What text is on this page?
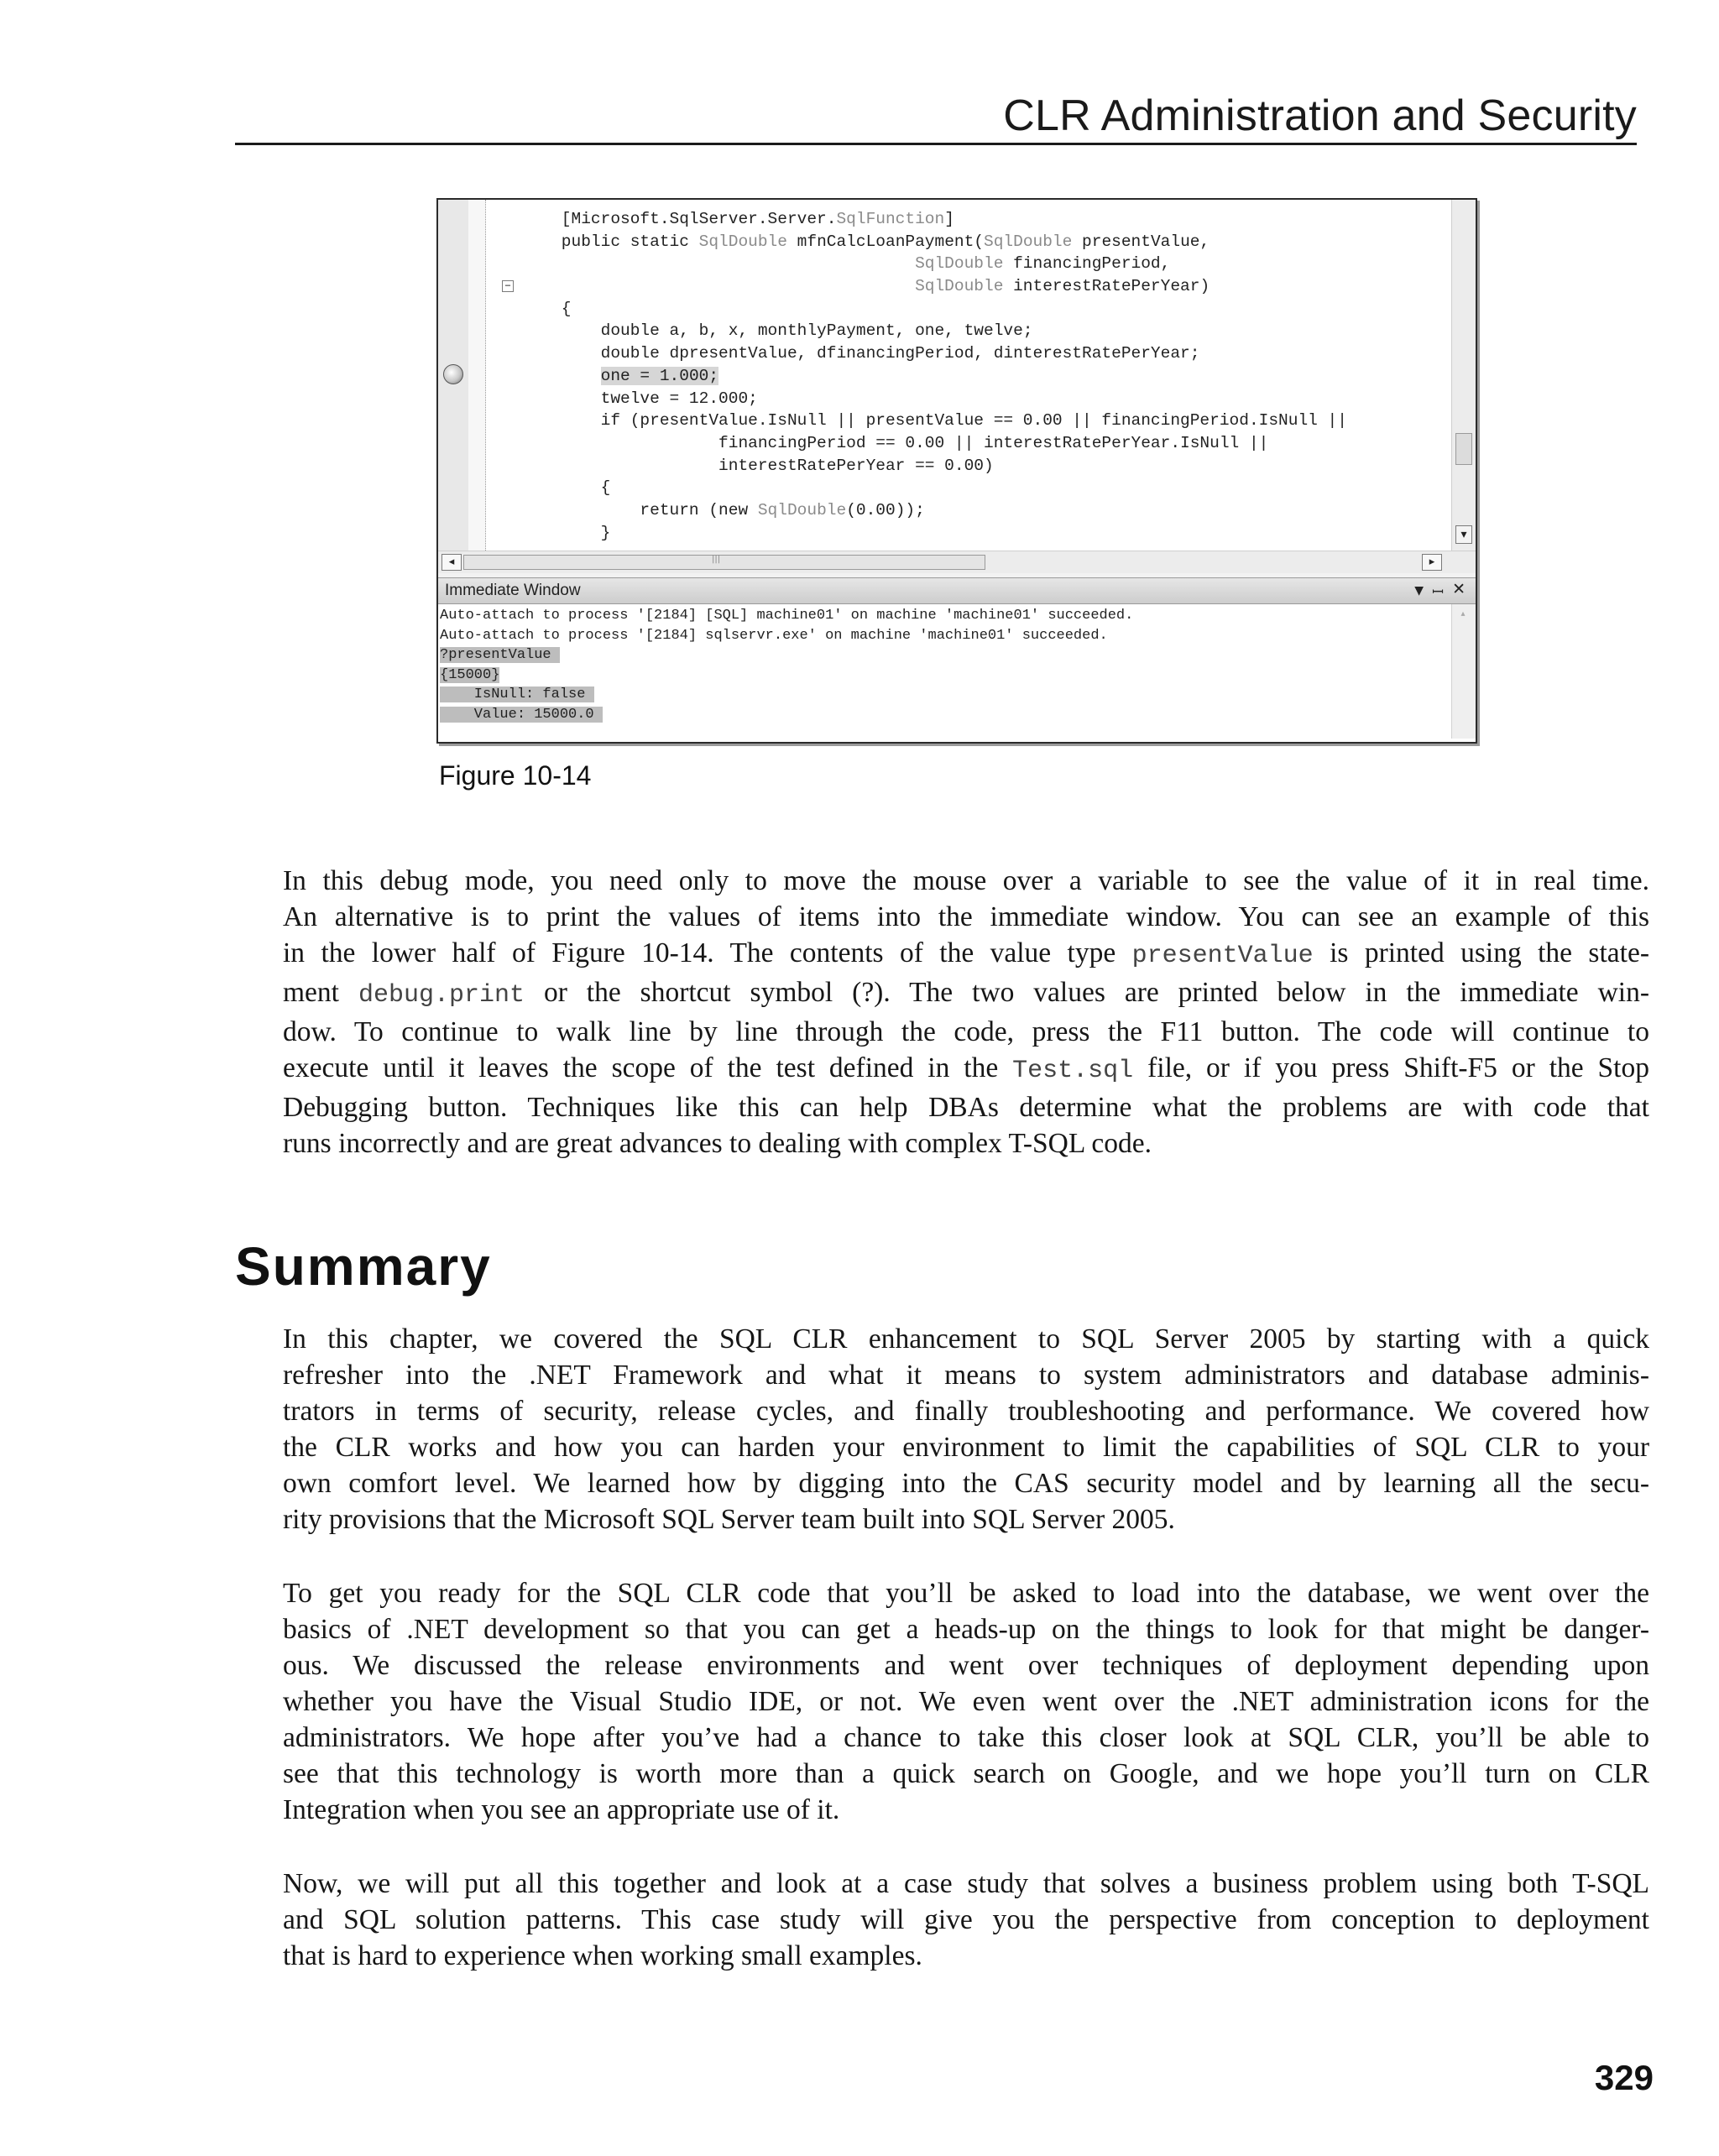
CLR Administration and Security
−
[Microsoft.SqlServer.Server.SqlFunction]
public static SqlDouble mfnCalcLoanPayment(SqlDouble presentValue,
SqlDouble financingPeriod,
SqlDouble interestRatePerYear)
{
double a, b, x, monthlyPayment, one, twelve;
double dpresentValue, dfinancingPeriod, dinterestRatePerYear;
one = 1.000;
twelve = 12.000;
if (presentValue.IsNull || presentValue == 0.00 || financingPeriod.IsNull ||
financingPeriod == 0.00 || interestRatePerYear.IsNull ||
interestRatePerYear == 0.00)
{
return (new SqlDouble(0.00));
}	▾
◂	|||	▸
Immediate Window	▼ ꟷ ✕
Auto-attach to process '[2184] [SQL] machine01' on machine 'machine01' succeeded.
Auto-attach to process '[2184] sqlservr.exe' on machine 'machine01' succeeded.
?presentValue
{15000}
IsNull: false
Value: 15000.0
▴
Figure 10-14

In this debug mode, you need only to move the mouse over a variable to see the value of it in real time.
An alternative is to print the values of items into the immediate window. You can see an example of this
in the lower half of Figure 10-14. The contents of the value type presentValue is printed using the state-
ment debug.print or the shortcut symbol (?). The two values are printed below in the immediate win-
dow. To continue to walk line by line through the code, press the F11 button. The code will continue to
execute until it leaves the scope of the test defined in the Test.sql file, or if you press Shift-F5 or the Stop
Debugging button. Techniques like this can help DBAs determine what the problems are with code that
runs incorrectly and are great advances to dealing with complex T-SQL code.

Summary

In this chapter, we covered the SQL CLR enhancement to SQL Server 2005 by starting with a quick
refresher into the .NET Framework and what it means to system administrators and database adminis-
trators in terms of security, release cycles, and finally troubleshooting and performance. We covered how
the CLR works and how you can harden your environment to limit the capabilities of SQL CLR to your
own comfort level. We learned how by digging into the CAS security model and by learning all the secu-
rity provisions that the Microsoft SQL Server team built into SQL Server 2005.

To get you ready for the SQL CLR code that you’ll be asked to load into the database, we went over the
basics of .NET development so that you can get a heads-up on the things to look for that might be danger-
ous. We discussed the release environments and went over techniques of deployment depending upon
whether you have the Visual Studio IDE, or not. We even went over the .NET administration icons for the
administrators. We hope after you’ve had a chance to take this closer look at SQL CLR, you’ll be able to
see that this technology is worth more than a quick search on Google, and we hope you’ll turn on CLR
Integration when you see an appropriate use of it.

Now, we will put all this together and look at a case study that solves a business problem using both T-SQL
and SQL solution patterns. This case study will give you the perspective from conception to deployment
that is hard to experience when working small examples.

329
